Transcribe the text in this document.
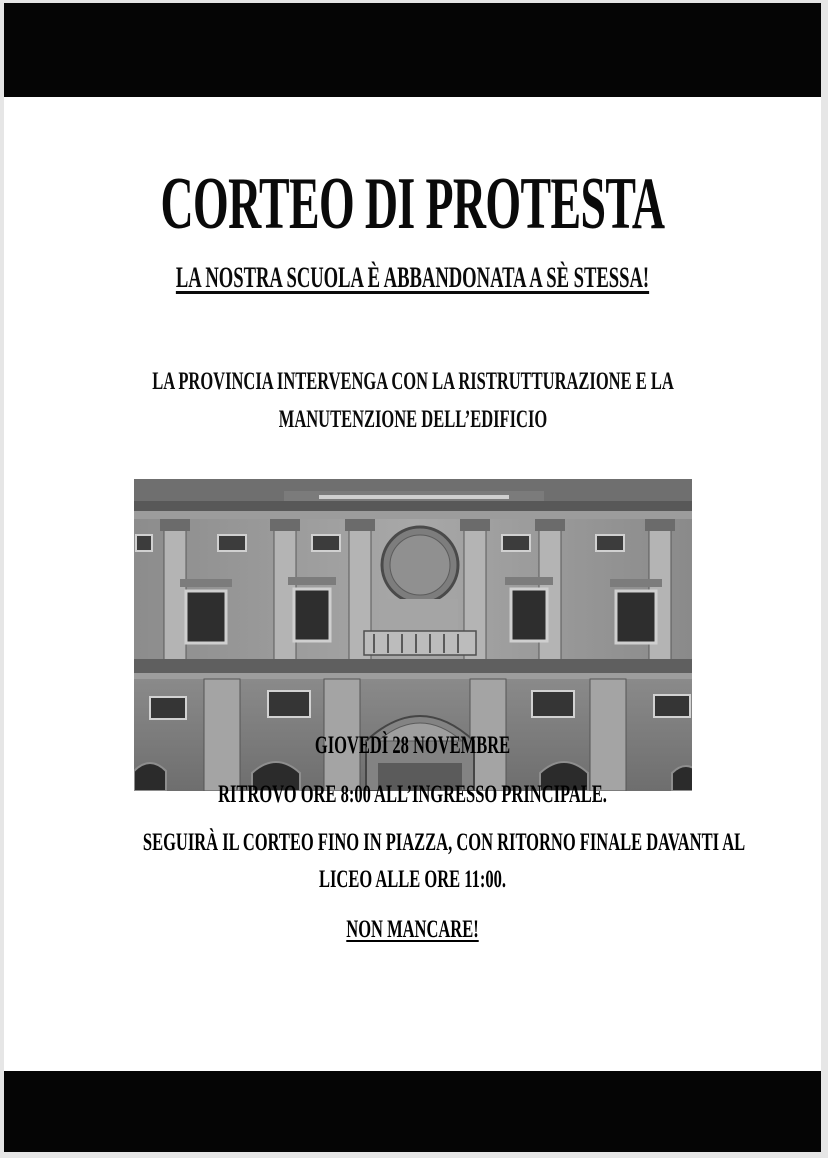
CORTEO DI PROTESTA

LA NOSTRA SCUOLA È ABBANDONATA A SÈ STESSA!

LA PROVINCIA INTERVENGA CON LA RISTRUTTURAZIONE E LA
MANUTENZIONE DELL’EDIFICIO

GIOVEDÌ 28 NOVEMBRE

RITROVO ORE 8:00 ALL’INGRESSO PRINCIPALE.

SEGUIRÀ IL CORTEO FINO IN PIAZZA, CON RITORNO FINALE DAVANTI AL

LICEO ALLE ORE 11:00.

NON MANCARE!
